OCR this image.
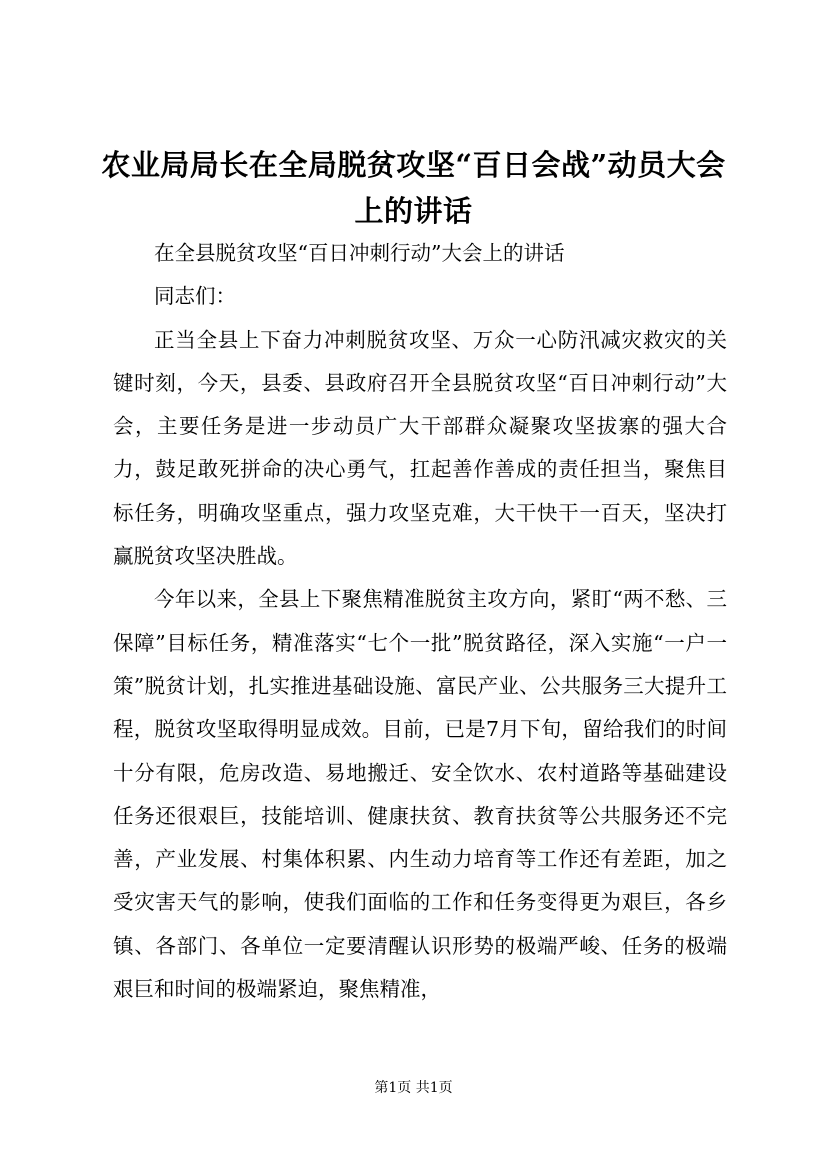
农业局局长在全局脱贫攻坚“百日会战”动员大会上的讲话

在全县脱贫攻坚“百日冲刺行动”大会上的讲话

同志们：

正当全县上下奋力冲刺脱贫攻坚、万众一心防汛减灾救灾的关键时刻，今天，县委、县政府召开全县脱贫攻坚“百日冲刺行动”大会，主要任务是进一步动员广大干部群众凝聚攻坚拔寨的强大合力，鼓足敢死拼命的决心勇气，扛起善作善成的责任担当，聚焦目标任务，明确攻坚重点，强力攻坚克难，大干快干一百天，坚决打赢脱贫攻坚决胜战。

今年以来，全县上下聚焦精准脱贫主攻方向，紧盯“两不愁、三保障”目标任务，精准落实“七个一批”脱贫路径，深入实施“一户一策”脱贫计划，扎实推进基础设施、富民产业、公共服务三大提升工程，脱贫攻坚取得明显成效。目前，已是7月下旬，留给我们的时间十分有限，危房改造、易地搬迁、安全饮水、农村道路等基础建设任务还很艰巨，技能培训、健康扶贫、教育扶贫等公共服务还不完善，产业发展、村集体积累、内生动力培育等工作还有差距，加之受灾害天气的影响，使我们面临的工作和任务变得更为艰巨，各乡镇、各部门、各单位一定要清醒认识形势的极端严峻、任务的极端艰巨和时间的极端紧迫，聚焦精准，

第1页 共1页
